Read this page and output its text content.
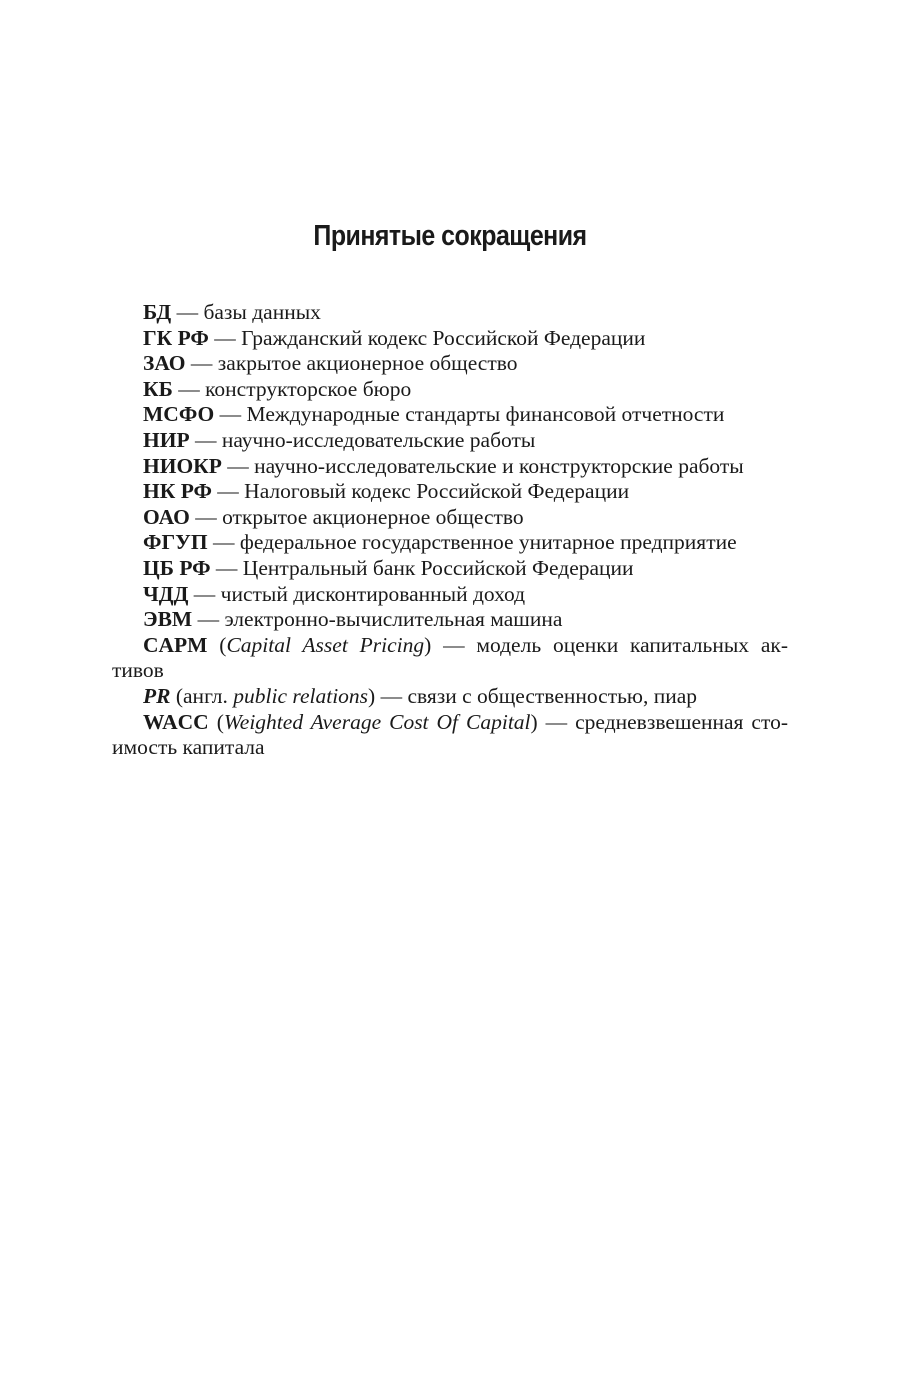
Принятые сокращения

БД — базы данных

ГК РФ — Гражданский кодекс Российской Федерации

ЗАО — закрытое акционерное общество

КБ — конструкторское бюро

МСФО — Международные стандарты финансовой отчетности

НИР — научно-исследовательские работы

НИОКР — научно-исследовательские и конструкторские работы

НК РФ — Налоговый кодекс Российской Федерации

ОАО — открытое акционерное общество

ФГУП — федеральное государственное унитарное предприятие

ЦБ РФ — Центральный банк Российской Федерации

ЧДД — чистый дисконтированный доход

ЭВМ — электронно-вычислительная машина

CAPM (Capital Asset Pricing) — модель оценки капитальных ак-тивов

PR (англ. public relations) — связи с общественностью, пиар

WACC (Weighted Average Cost Of Capital) — средневзвешенная сто-имость капитала
